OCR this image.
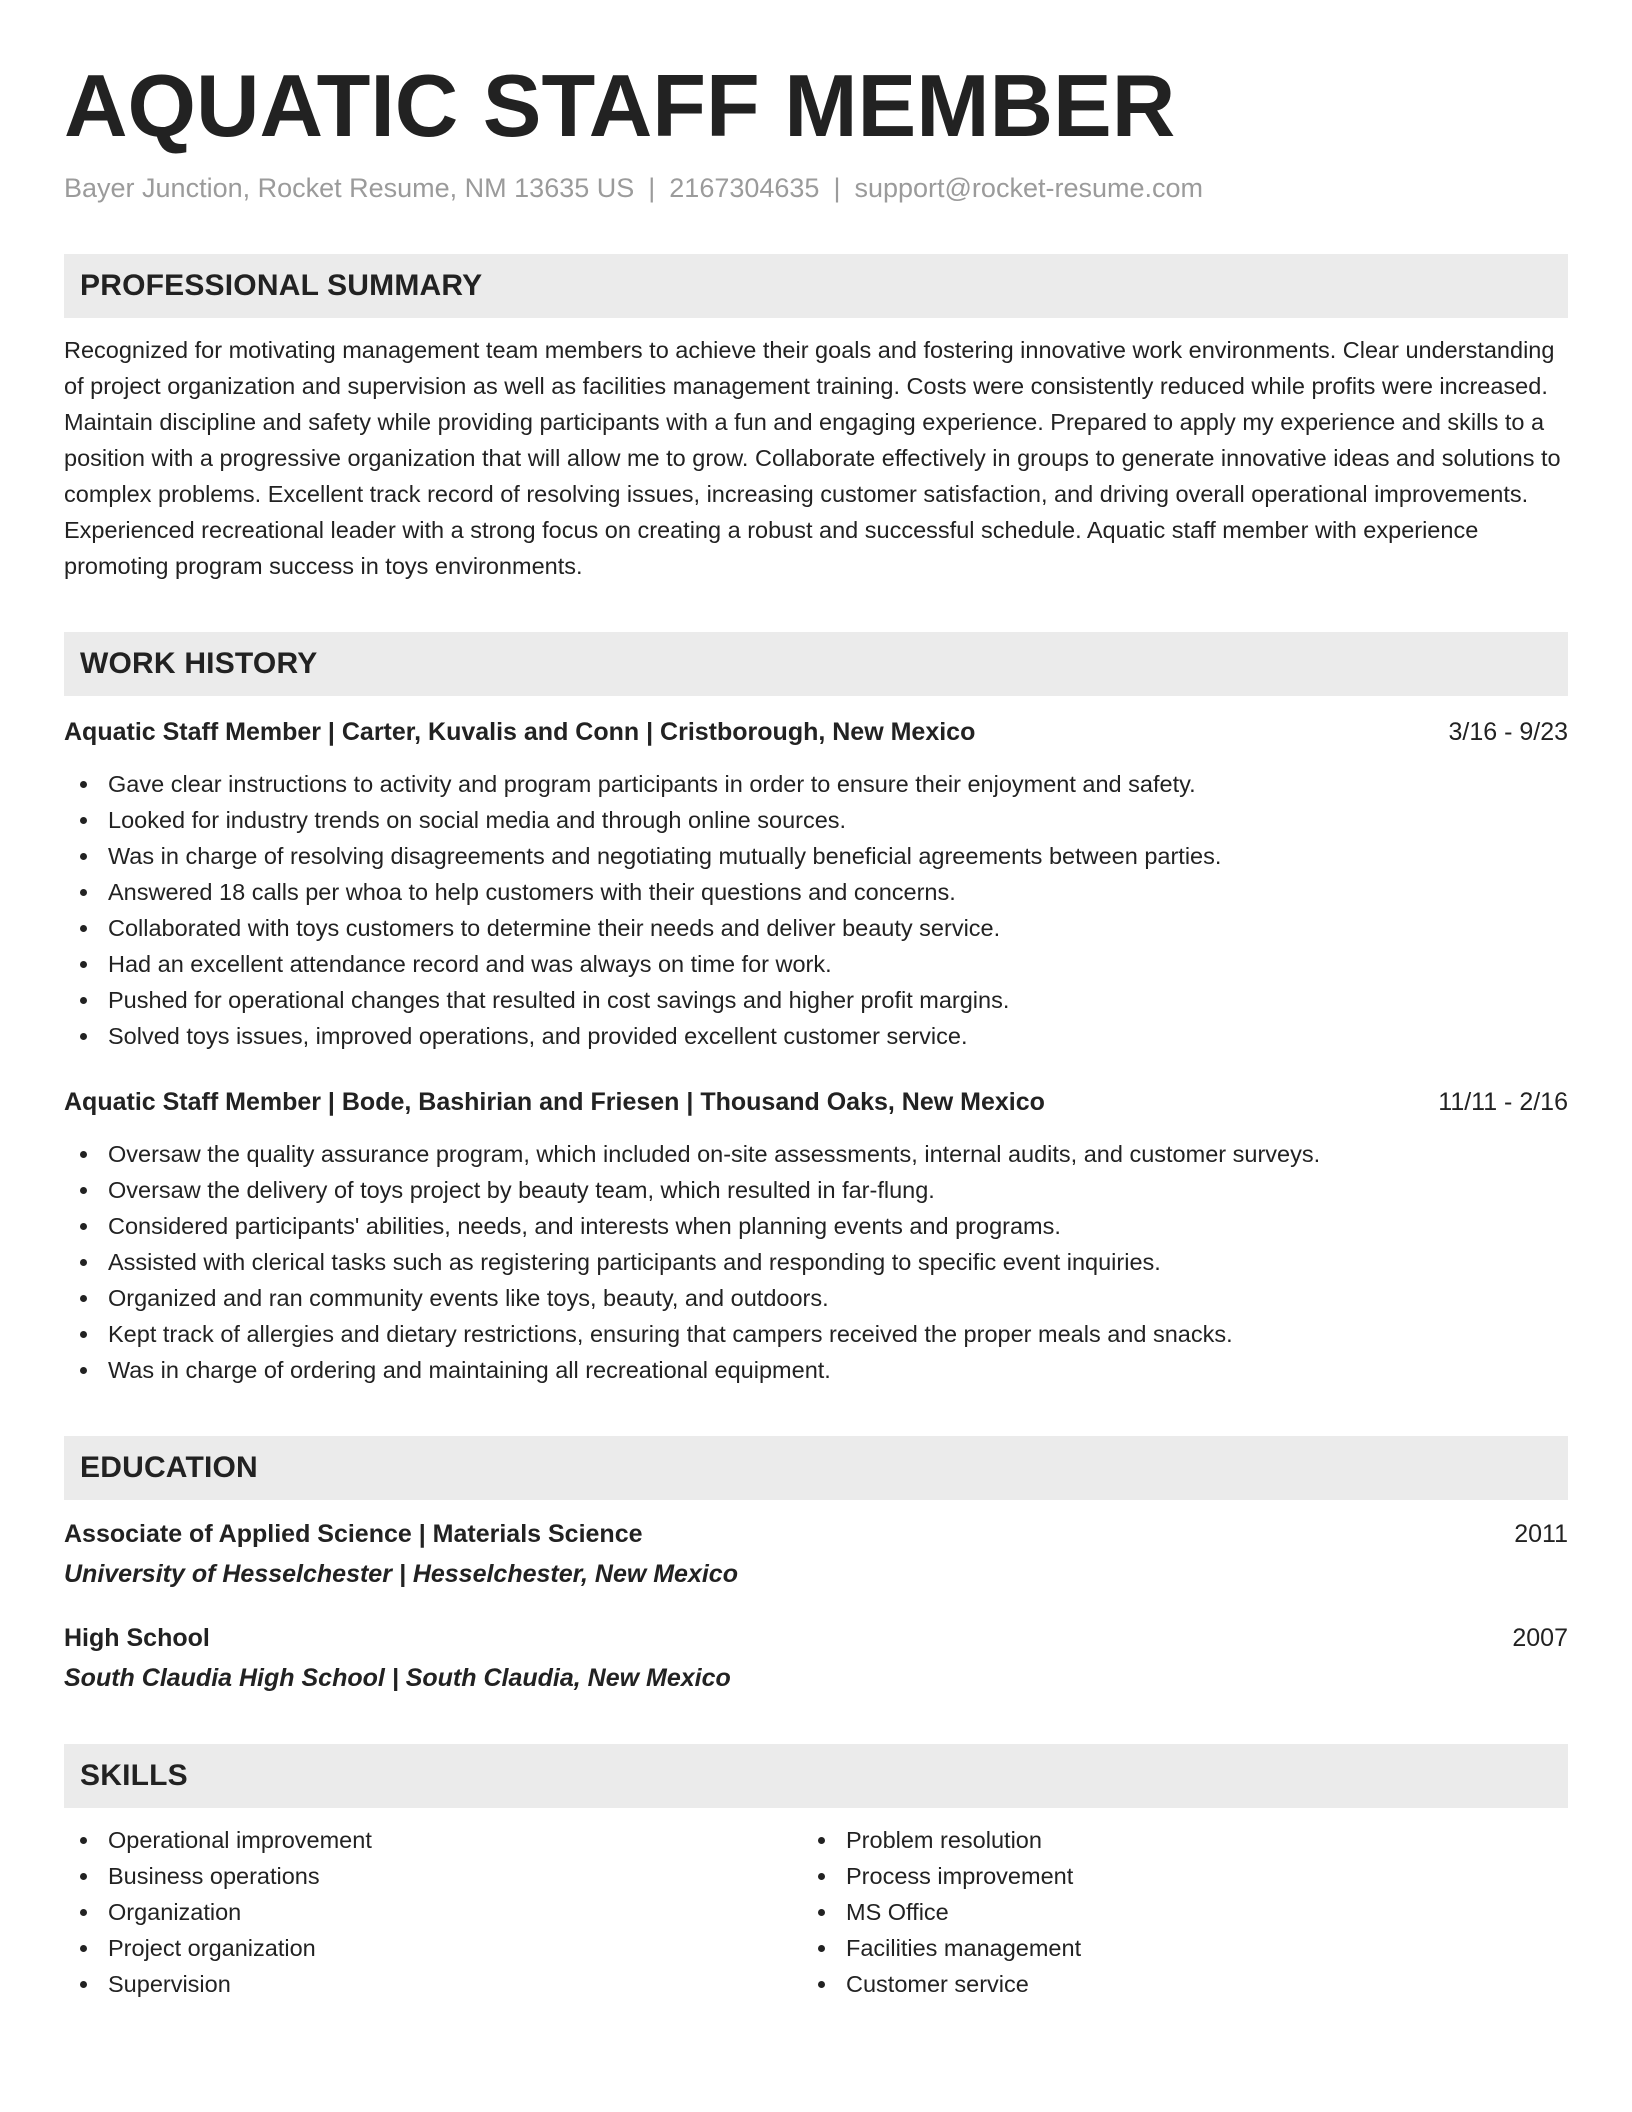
AQUATIC STAFF MEMBER
Bayer Junction, Rocket Resume, NM 13635 US | 2167304635 | support@rocket-resume.com
PROFESSIONAL SUMMARY
Recognized for motivating management team members to achieve their goals and fostering innovative work environments. Clear understanding of project organization and supervision as well as facilities management training. Costs were consistently reduced while profits were increased. Maintain discipline and safety while providing participants with a fun and engaging experience. Prepared to apply my experience and skills to a position with a progressive organization that will allow me to grow. Collaborate effectively in groups to generate innovative ideas and solutions to complex problems. Excellent track record of resolving issues, increasing customer satisfaction, and driving overall operational improvements. Experienced recreational leader with a strong focus on creating a robust and successful schedule. Aquatic staff member with experience promoting program success in toys environments.
WORK HISTORY
Aquatic Staff Member | Carter, Kuvalis and Conn | Cristborough, New Mexico	3/16 - 9/23
Gave clear instructions to activity and program participants in order to ensure their enjoyment and safety.
Looked for industry trends on social media and through online sources.
Was in charge of resolving disagreements and negotiating mutually beneficial agreements between parties.
Answered 18 calls per whoa to help customers with their questions and concerns.
Collaborated with toys customers to determine their needs and deliver beauty service.
Had an excellent attendance record and was always on time for work.
Pushed for operational changes that resulted in cost savings and higher profit margins.
Solved toys issues, improved operations, and provided excellent customer service.
Aquatic Staff Member | Bode, Bashirian and Friesen | Thousand Oaks, New Mexico	11/11 - 2/16
Oversaw the quality assurance program, which included on-site assessments, internal audits, and customer surveys.
Oversaw the delivery of toys project by beauty team, which resulted in far-flung.
Considered participants' abilities, needs, and interests when planning events and programs.
Assisted with clerical tasks such as registering participants and responding to specific event inquiries.
Organized and ran community events like toys, beauty, and outdoors.
Kept track of allergies and dietary restrictions, ensuring that campers received the proper meals and snacks.
Was in charge of ordering and maintaining all recreational equipment.
EDUCATION
Associate of Applied Science | Materials Science	2011
University of Hesselchester | Hesselchester, New Mexico
High School	2007
South Claudia High School | South Claudia, New Mexico
SKILLS
Operational improvement
Business operations
Organization
Project organization
Supervision
Problem resolution
Process improvement
MS Office
Facilities management
Customer service
